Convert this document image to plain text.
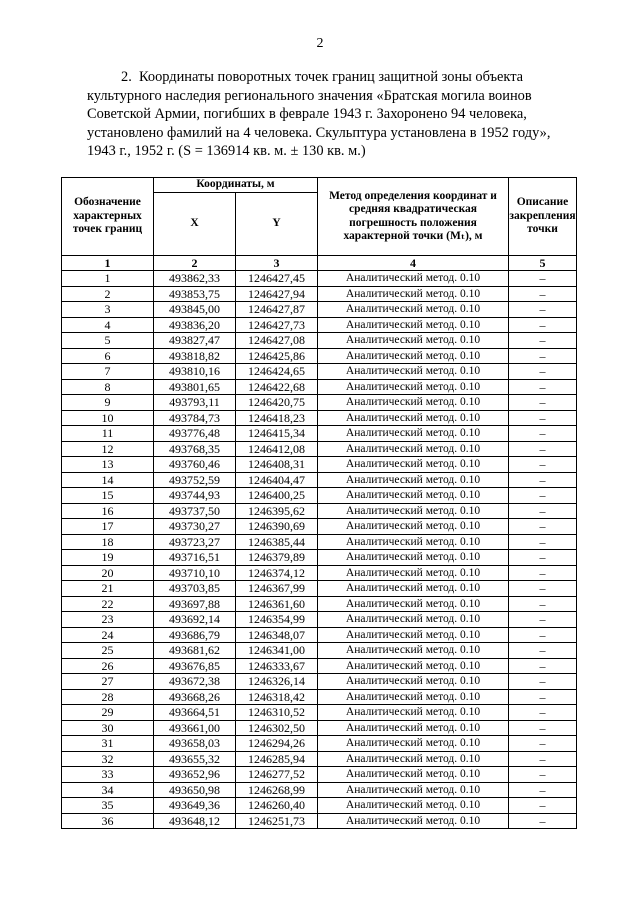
2
2.  Координаты поворотных точек границ защитной зоны объекта
культурного наследия регионального значения «Братская могила воинов
Советской Армии, погибших в феврале 1943 г. Захоронено 94 человека,
установлено фамилий на 4 человека. Скульптура установлена в 1952 году»,
1943 г., 1952 г. (S = 136914 кв. м. ± 130 кв. м.)
Обозначение характерных точек границ	Координаты, м		Метод определения координат и средняя квадратическая погрешность положения характерной точки (Мₜ), м	Описание закрепления точки
	X	Y		
1	2	3	4	5
1	493862,33	1246427,45	Аналитический метод. 0.10	–
2	493853,75	1246427,94	Аналитический метод. 0.10	–
3	493845,00	1246427,87	Аналитический метод. 0.10	–
4	493836,20	1246427,73	Аналитический метод. 0.10	–
5	493827,47	1246427,08	Аналитический метод. 0.10	–
6	493818,82	1246425,86	Аналитический метод. 0.10	–
7	493810,16	1246424,65	Аналитический метод. 0.10	–
8	493801,65	1246422,68	Аналитический метод. 0.10	–
9	493793,11	1246420,75	Аналитический метод. 0.10	–
10	493784,73	1246418,23	Аналитический метод. 0.10	–
11	493776,48	1246415,34	Аналитический метод. 0.10	–
12	493768,35	1246412,08	Аналитический метод. 0.10	–
13	493760,46	1246408,31	Аналитический метод. 0.10	–
14	493752,59	1246404,47	Аналитический метод. 0.10	–
15	493744,93	1246400,25	Аналитический метод. 0.10	–
16	493737,50	1246395,62	Аналитический метод. 0.10	–
17	493730,27	1246390,69	Аналитический метод. 0.10	–
18	493723,27	1246385,44	Аналитический метод. 0.10	–
19	493716,51	1246379,89	Аналитический метод. 0.10	–
20	493710,10	1246374,12	Аналитический метод. 0.10	–
21	493703,85	1246367,99	Аналитический метод. 0.10	–
22	493697,88	1246361,60	Аналитический метод. 0.10	–
23	493692,14	1246354,99	Аналитический метод. 0.10	–
24	493686,79	1246348,07	Аналитический метод. 0.10	–
25	493681,62	1246341,00	Аналитический метод. 0.10	–
26	493676,85	1246333,67	Аналитический метод. 0.10	–
27	493672,38	1246326,14	Аналитический метод. 0.10	–
28	493668,26	1246318,42	Аналитический метод. 0.10	–
29	493664,51	1246310,52	Аналитический метод. 0.10	–
30	493661,00	1246302,50	Аналитический метод. 0.10	–
31	493658,03	1246294,26	Аналитический метод. 0.10	–
32	493655,32	1246285,94	Аналитический метод. 0.10	–
33	493652,96	1246277,52	Аналитический метод. 0.10	–
34	493650,98	1246268,99	Аналитический метод. 0.10	–
35	493649,36	1246260,40	Аналитический метод. 0.10	–
36	493648,12	1246251,73	Аналитический метод. 0.10	–
